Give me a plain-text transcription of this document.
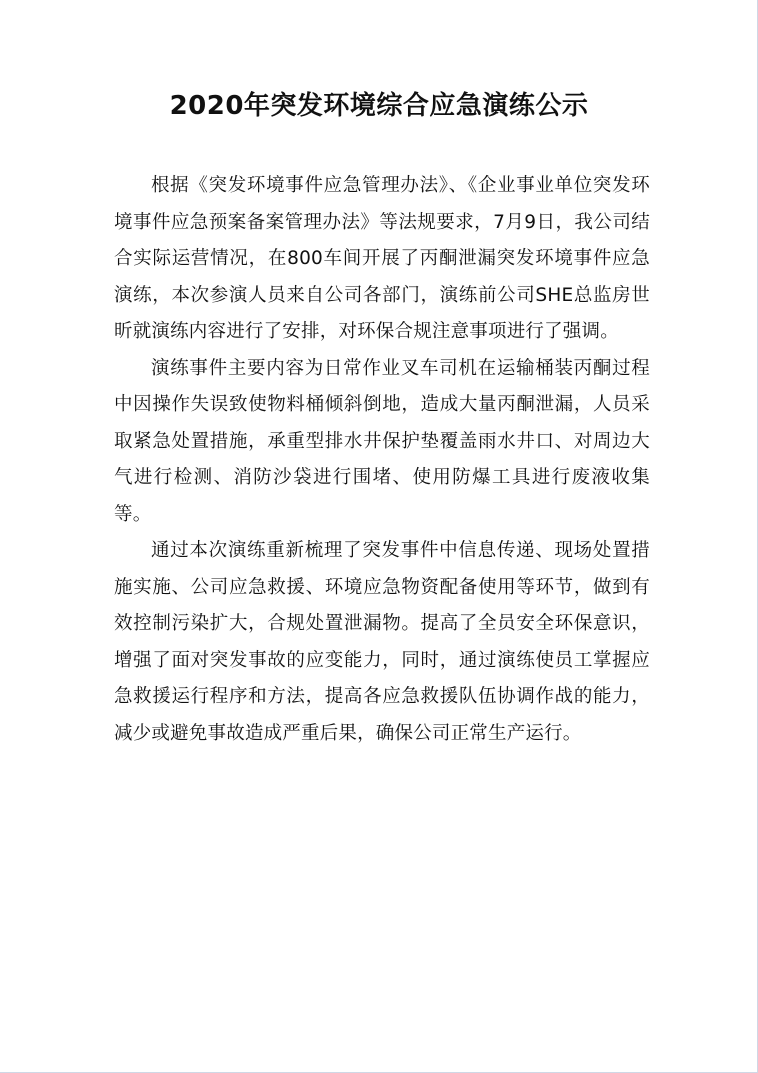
2020年突发环境综合应急演练公示

根据《突发环境事件应急管理办法》、《企业事业单位突发环境事件应急预案备案管理办法》等法规要求，7月9日，我公司结合实际运营情况，在800车间开展了丙酮泄漏突发环境事件应急演练，本次参演人员来自公司各部门，演练前公司SHE总监房世昕就演练内容进行了安排，对环保合规注意事项进行了强调。

演练事件主要内容为日常作业叉车司机在运输桶装丙酮过程中因操作失误致使物料桶倾斜倒地，造成大量丙酮泄漏，人员采取紧急处置措施，承重型排水井保护垫覆盖雨水井口、对周边大气进行检测、消防沙袋进行围堵、使用防爆工具进行废液收集等。

通过本次演练重新梳理了突发事件中信息传递、现场处置措施实施、公司应急救援、环境应急物资配备使用等环节，做到有效控制污染扩大，合规处置泄漏物。提高了全员安全环保意识，增强了面对突发事故的应变能力，同时，通过演练使员工掌握应急救援运行程序和方法，提高各应急救援队伍协调作战的能力，减少或避免事故造成严重后果，确保公司正常生产运行。
